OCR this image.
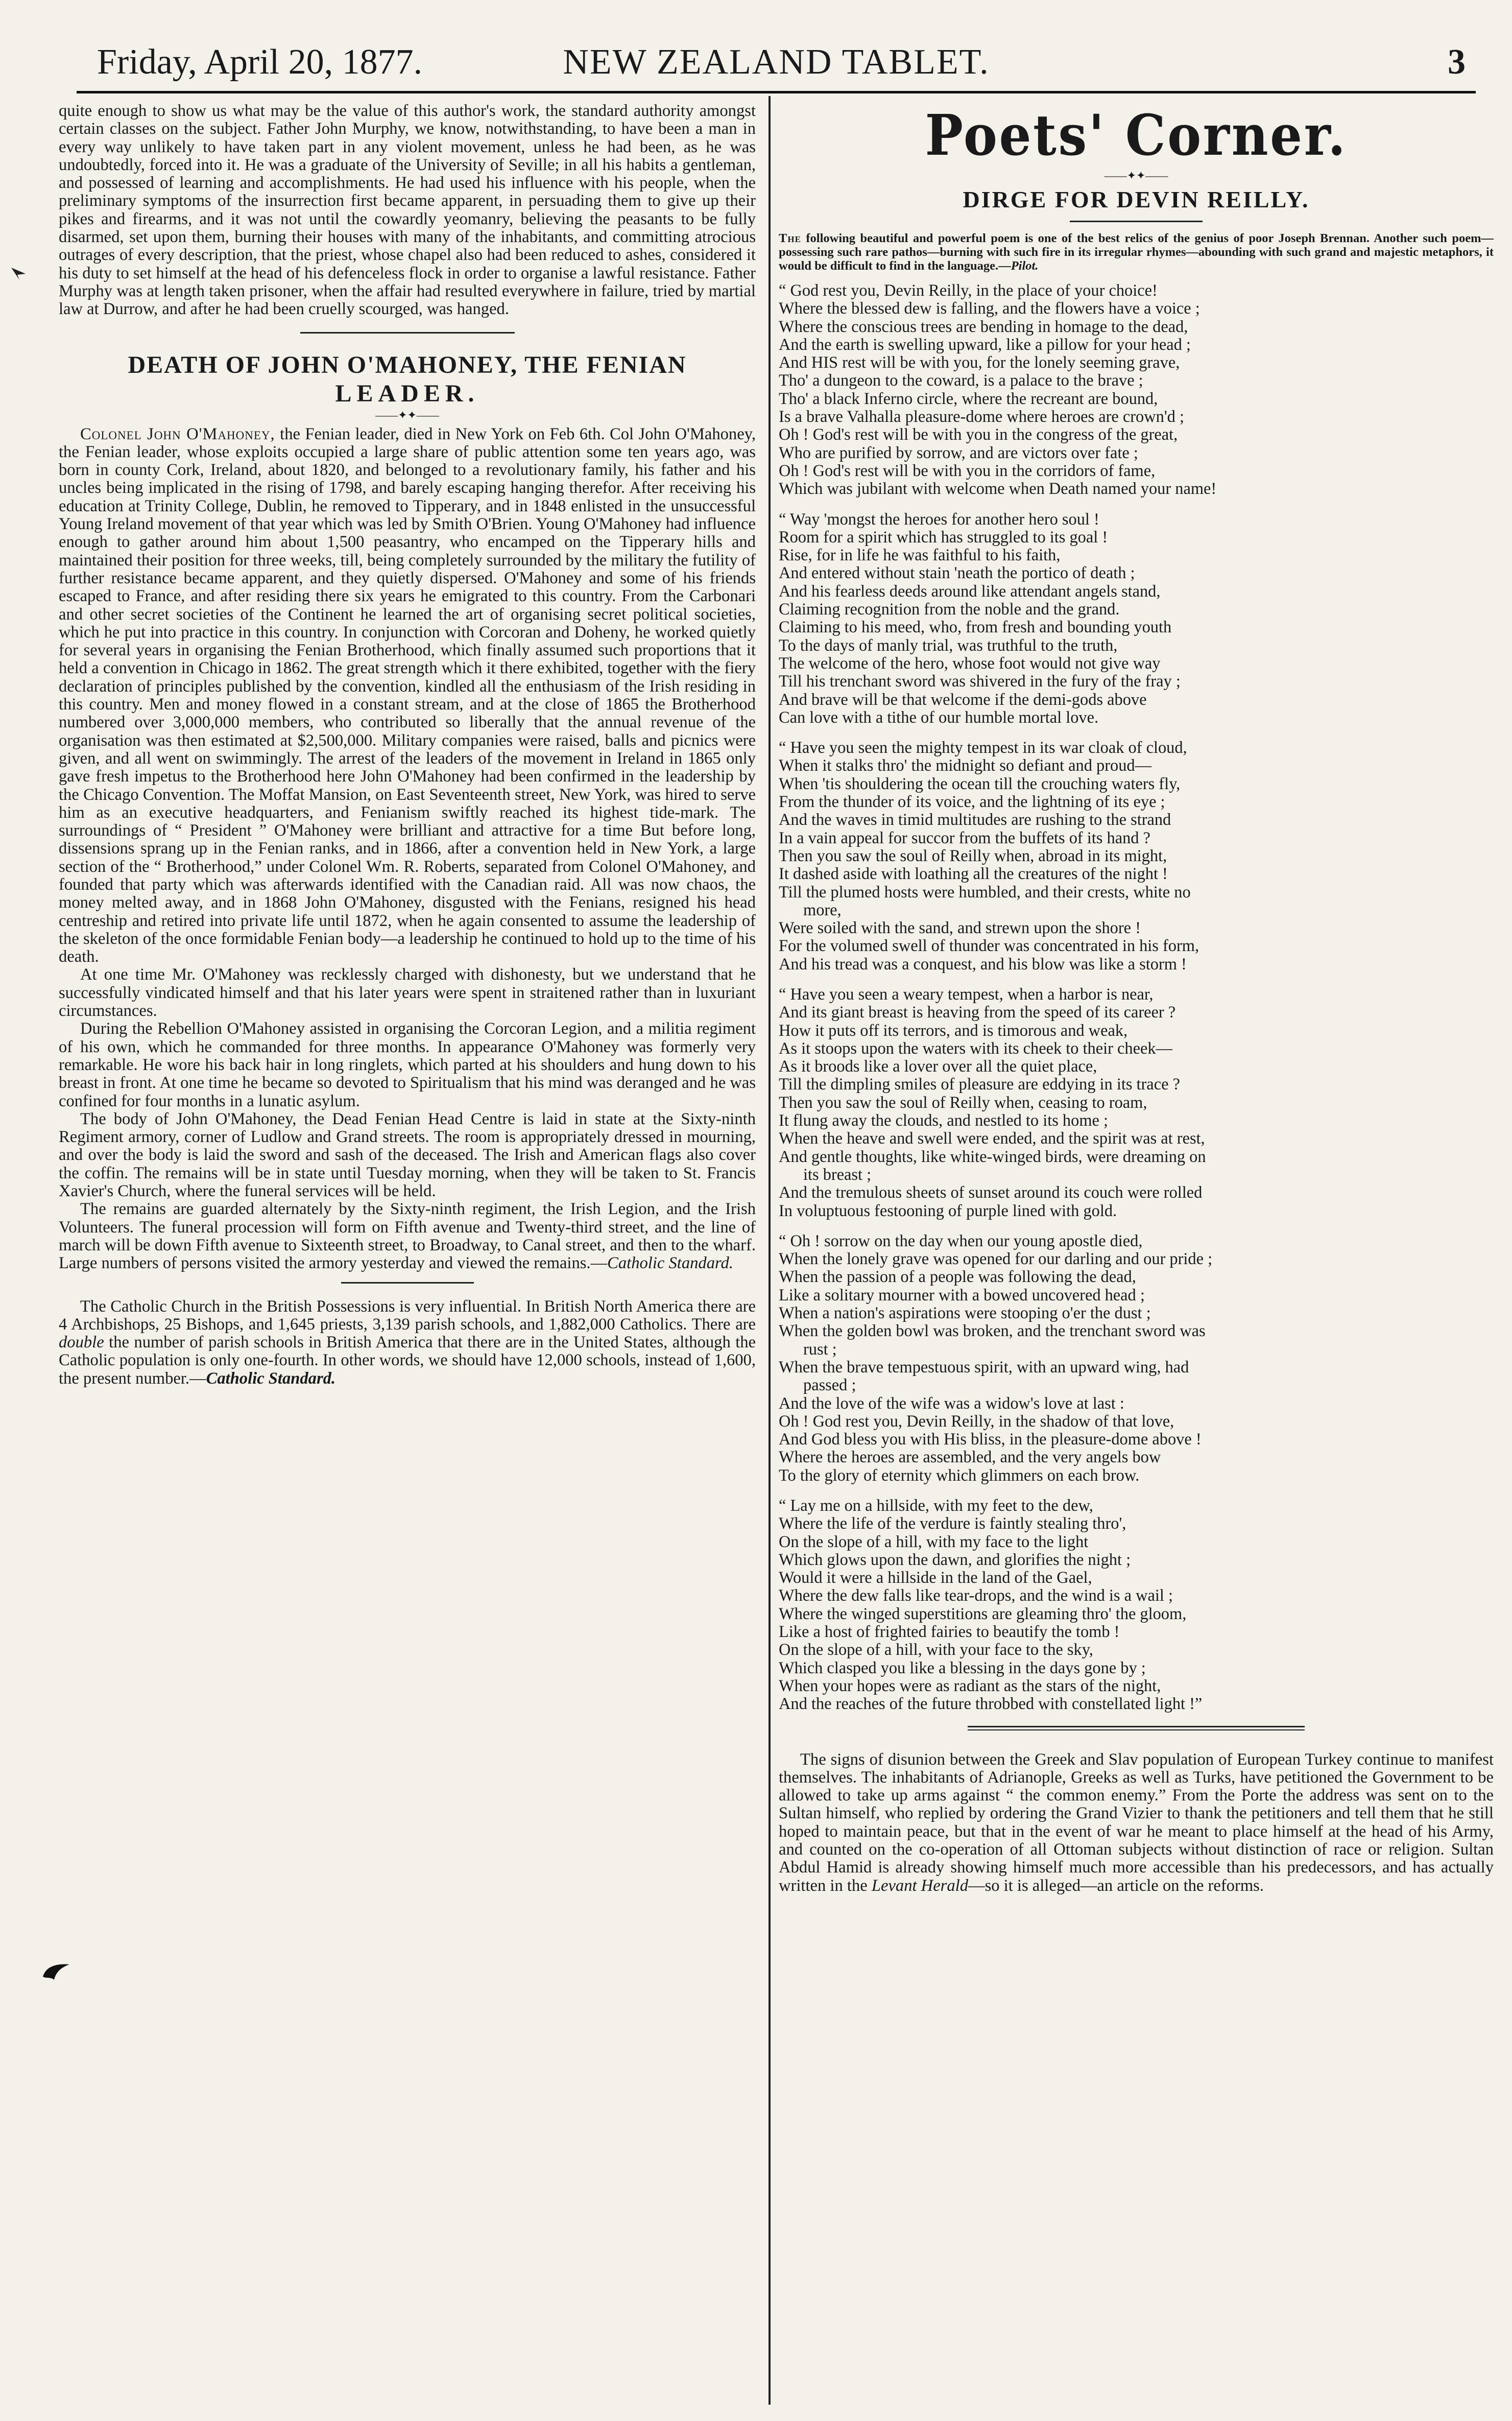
Friday, April 20, 1877.	NEW ZEALAND TABLET.	3

quite enough to show us what may be the value of this author's work, the standard authority amongst certain classes on the subject. Father John Murphy, we know, notwithstanding, to have been a man in every way unlikely to have taken part in any violent movement, unless he had been, as he was undoubtedly, forced into it. He was a graduate of the University of Seville; in all his habits a gentleman, and possessed of learning and accomplishments. He had used his influence with his people, when the preliminary symptoms of the insurrection first became apparent, in persuading them to give up their pikes and firearms, and it was not until the cowardly yeomanry, believing the peasants to be fully disarmed, set upon them, burning their houses with many of the inhabitants, and committing atrocious outrages of every description, that the priest, whose chapel also had been reduced to ashes, considered it his duty to set himself at the head of his defenceless flock in order to organise a lawful resistance. Father Murphy was at length taken prisoner, when the affair had resulted everywhere in failure, tried by martial law at Durrow, and after he had been cruelly scourged, was hanged.

DEATH OF JOHN O'MAHONEY, THE FENIAN
LEADER.
——✦✦——

Colonel John O'Mahoney, the Fenian leader, died in New York on Feb 6th. Col John O'Mahoney, the Fenian leader, whose exploits occupied a large share of public attention some ten years ago, was born in county Cork, Ireland, about 1820, and belonged to a revolutionary family, his father and his uncles being implicated in the rising of 1798, and barely escaping hanging therefor. After receiving his education at Trinity College, Dublin, he removed to Tipperary, and in 1848 enlisted in the unsuccessful Young Ireland movement of that year which was led by Smith O'Brien. Young O'Mahoney had influence enough to gather around him about 1,500 peasantry, who encamped on the Tipperary hills and maintained their position for three weeks, till, being completely surrounded by the military the futility of further resistance became apparent, and they quietly dispersed. O'Mahoney and some of his friends escaped to France, and after residing there six years he emigrated to this country. From the Carbonari and other secret societies of the Continent he learned the art of organising secret political societies, which he put into practice in this country. In conjunction with Corcoran and Doheny, he worked quietly for several years in organising the Fenian Brotherhood, which finally assumed such proportions that it held a convention in Chicago in 1862. The great strength which it there exhibited, together with the fiery declaration of principles published by the convention, kindled all the enthusiasm of the Irish residing in this country. Men and money flowed in a constant stream, and at the close of 1865 the Brotherhood numbered over 3,000,000 members, who contributed so liberally that the annual revenue of the organisation was then estimated at $2,500,000. Military companies were raised, balls and picnics were given, and all went on swimmingly. The arrest of the leaders of the movement in Ireland in 1865 only gave fresh impetus to the Brotherhood here John O'Mahoney had been confirmed in the leadership by the Chicago Convention. The Moffat Mansion, on East Seventeenth street, New York, was hired to serve him as an executive headquarters, and Fenianism swiftly reached its highest tide-mark. The surroundings of “ President ” O'Mahoney were brilliant and attractive for a time But before long, dissensions sprang up in the Fenian ranks, and in 1866, after a convention held in New York, a large section of the “ Brotherhood,” under Colonel Wm. R. Roberts, separated from Colonel O'Mahoney, and founded that party which was afterwards identified with the Canadian raid. All was now chaos, the money melted away, and in 1868 John O'Mahoney, disgusted with the Fenians, resigned his head centreship and retired into private life until 1872, when he again consented to assume the leadership of the skeleton of the once formidable Fenian body—a leadership he continued to hold up to the time of his death.

At one time Mr. O'Mahoney was recklessly charged with dishonesty, but we understand that he successfully vindicated himself and that his later years were spent in straitened rather than in luxuriant circumstances.

During the Rebellion O'Mahoney assisted in organising the Corcoran Legion, and a militia regiment of his own, which he commanded for three months. In appearance O'Mahoney was formerly very remarkable. He wore his back hair in long ringlets, which parted at his shoulders and hung down to his breast in front. At one time he became so devoted to Spiritualism that his mind was deranged and he was confined for four months in a lunatic asylum.

The body of John O'Mahoney, the Dead Fenian Head Centre is laid in state at the Sixty-ninth Regiment armory, corner of Ludlow and Grand streets. The room is appropriately dressed in mourning, and over the body is laid the sword and sash of the deceased. The Irish and American flags also cover the coffin. The remains will be in state until Tuesday morning, when they will be taken to St. Francis Xavier's Church, where the funeral services will be held.

The remains are guarded alternately by the Sixty-ninth regiment, the Irish Legion, and the Irish Volunteers. The funeral procession will form on Fifth avenue and Twenty-third street, and the line of march will be down Fifth avenue to Sixteenth street, to Broadway, to Canal street, and then to the wharf. Large numbers of persons visited the armory yesterday and viewed the remains.—Catholic Standard.

The Catholic Church in the British Possessions is very influential. In British North America there are 4 Archbishops, 25 Bishops, and 1,645 priests, 3,139 parish schools, and 1,882,000 Catholics. There are double the number of parish schools in British America that there are in the United States, although the Catholic population is only one-fourth. In other words, we should have 12,000 schools, instead of 1,600, the present number.—Catholic Standard.

Poets' Corner.
——✦✦——
DIRGE FOR DEVIN REILLY.

The following beautiful and powerful poem is one of the best relics of the genius of poor Joseph Brennan. Another such poem—possessing such rare pathos—burning with such fire in its irregular rhymes—abounding with such grand and majestic metaphors, it would be difficult to find in the language.—Pilot.

“ God rest you, Devin Reilly, in the place of your choice!

Where the blessed dew is falling, and the flowers have a voice ;

Where the conscious trees are bending in homage to the dead,

And the earth is swelling upward, like a pillow for your head ;

And HIS rest will be with you, for the lonely seeming grave,

Tho' a dungeon to the coward, is a palace to the brave ;

Tho' a black Inferno circle, where the recreant are bound,

Is a brave Valhalla pleasure-dome where heroes are crown'd ;

Oh ! God's rest will be with you in the congress of the great,

Who are purified by sorrow, and are victors over fate ;

Oh ! God's rest will be with you in the corridors of fame,

Which was jubilant with welcome when Death named your name!

“ Way 'mongst the heroes for another hero soul !

Room for a spirit which has struggled to its goal !

Rise, for in life he was faithful to his faith,

And entered without stain 'neath the portico of death ;

And his fearless deeds around like attendant angels stand,

Claiming recognition from the noble and the grand.

Claiming to his meed, who, from fresh and bounding youth

To the days of manly trial, was truthful to the truth,

The welcome of the hero, whose foot would not give way

Till his trenchant sword was shivered in the fury of the fray ;

And brave will be that welcome if the demi-gods above

Can love with a tithe of our humble mortal love.

“ Have you seen the mighty tempest in its war cloak of cloud,

When it stalks thro' the midnight so defiant and proud—

When 'tis shouldering the ocean till the crouching waters fly,

From the thunder of its voice, and the lightning of its eye ;

And the waves in timid multitudes are rushing to the strand

In a vain appeal for succor from the buffets of its hand ?

Then you saw the soul of Reilly when, abroad in its might,

It dashed aside with loathing all the creatures of the night !

Till the plumed hosts were humbled, and their crests, white no

more,

Were soiled with the sand, and strewn upon the shore !

For the volumed swell of thunder was concentrated in his form,

And his tread was a conquest, and his blow was like a storm !

“ Have you seen a weary tempest, when a harbor is near,

And its giant breast is heaving from the speed of its career ?

How it puts off its terrors, and is timorous and weak,

As it stoops upon the waters with its cheek to their cheek—

As it broods like a lover over all the quiet place,

Till the dimpling smiles of pleasure are eddying in its trace ?

Then you saw the soul of Reilly when, ceasing to roam,

It flung away the clouds, and nestled to its home ;

When the heave and swell were ended, and the spirit was at rest,

And gentle thoughts, like white-winged birds, were dreaming on

its breast ;

And the tremulous sheets of sunset around its couch were rolled

In voluptuous festooning of purple lined with gold.

“ Oh ! sorrow on the day when our young apostle died,

When the lonely grave was opened for our darling and our pride ;

When the passion of a people was following the dead,

Like a solitary mourner with a bowed uncovered head ;

When a nation's aspirations were stooping o'er the dust ;

When the golden bowl was broken, and the trenchant sword was

rust ;

When the brave tempestuous spirit, with an upward wing, had

passed ;

And the love of the wife was a widow's love at last :

Oh ! God rest you, Devin Reilly, in the shadow of that love,

And God bless you with His bliss, in the pleasure-dome above !

Where the heroes are assembled, and the very angels bow

To the glory of eternity which glimmers on each brow.

“ Lay me on a hillside, with my feet to the dew,

Where the life of the verdure is faintly stealing thro',

On the slope of a hill, with my face to the light

Which glows upon the dawn, and glorifies the night ;

Would it were a hillside in the land of the Gael,

Where the dew falls like tear-drops, and the wind is a wail ;

Where the winged superstitions are gleaming thro' the gloom,

Like a host of frighted fairies to beautify the tomb !

On the slope of a hill, with your face to the sky,

Which clasped you like a blessing in the days gone by ;

When your hopes were as radiant as the stars of the night,

And the reaches of the future throbbed with constellated light !”

The signs of disunion between the Greek and Slav population of European Turkey continue to manifest themselves. The inhabitants of Adrianople, Greeks as well as Turks, have petitioned the Government to be allowed to take up arms against “ the common enemy.” From the Porte the address was sent on to the Sultan himself, who replied by ordering the Grand Vizier to thank the petitioners and tell them that he still hoped to maintain peace, but that in the event of war he meant to place himself at the head of his Army, and counted on the co-operation of all Ottoman subjects without distinction of race or religion. Sultan Abdul Hamid is already showing himself much more accessible than his predecessors, and has actually written in the Levant Herald—so it is alleged—an article on the reforms.
